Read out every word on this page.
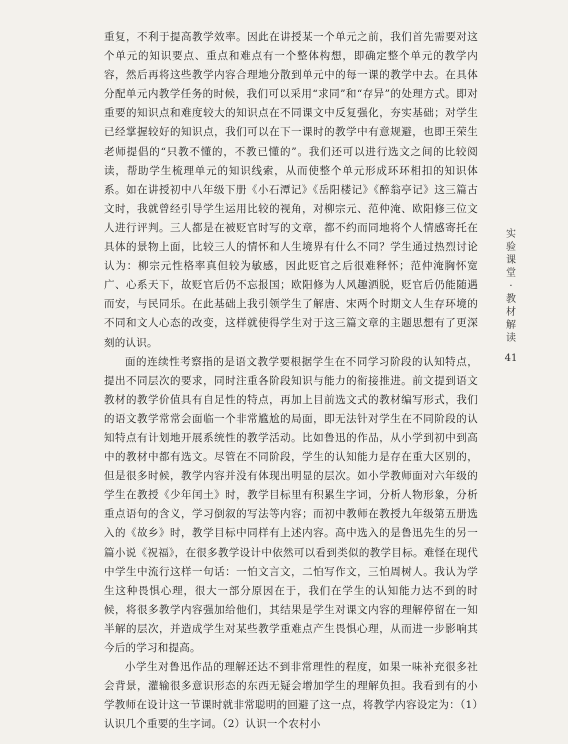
重复，不利于提高教学效率。因此在讲授某一个单元之前，我们首先需要对这个单元的知识要点、重点和难点有一个整体构想，即确定整个单元的教学内容，然后再将这些教学内容合理地分散到单元中的每一课的教学中去。在具体分配单元内教学任务的时候，我们可以采用“求同”和“存异”的处理方式。即对重要的知识点和难度较大的知识点在不同课文中反复强化，夯实基础；对学生已经掌握较好的知识点，我们可以在下一课时的教学中有意规避，也即王荣生老师提倡的“只教不懂的，不教已懂的”。我们还可以进行选文之间的比较阅读，帮助学生梳理单元的知识线索，从而使整个单元形成环环相扣的知识体系。如在讲授初中八年级下册《小石潭记》《岳阳楼记》《醉翁亭记》这三篇古文时，我就曾经引导学生运用比较的视角，对柳宗元、范仲淹、欧阳修三位文人进行评判。三人都是在被贬官时写的文章，都不约而同地将个人情感寄托在具体的景物上面，比较三人的情怀和人生境界有什么不同？学生通过热烈讨论认为：柳宗元性格率真但较为敏感，因此贬官之后很难释怀；范仲淹胸怀宽广、心系天下，故贬官后仍不忘报国；欧阳修为人风趣洒脱，贬官后仍能随遇而安，与民同乐。在此基础上我引领学生了解唐、宋两个时期文人生存环境的不同和文人心态的改变，这样就使得学生对于这三篇文章的主题思想有了更深刻的认识。

面的连续性考察指的是语文教学要根据学生在不同学习阶段的认知特点，提出不同层次的要求，同时注重各阶段知识与能力的衔接推进。前文提到语文教材的教学价值具有自足性的特点，再加上目前选文式的教材编写形式，我们的语文教学常常会面临一个非常尴尬的局面，即无法针对学生在不同阶段的认知特点有计划地开展系统性的教学活动。比如鲁迅的作品，从小学到初中到高中的教材中都有选文。尽管在不同阶段，学生的认知能力是存在重大区别的，但是很多时候，教学内容并没有体现出明显的层次。如小学教师面对六年级的学生在教授《少年闰土》时，教学目标里有积累生字词，分析人物形象，分析重点语句的含义，学习倒叙的写法等内容；而初中教师在教授九年级第五册选入的《故乡》时，教学目标中同样有上述内容。高中选入的是鲁迅先生的另一篇小说《祝福》，在很多教学设计中依然可以看到类似的教学目标。难怪在现代中学生中流行这样一句话：一怕文言文，二怕写作文，三怕周树人。我认为学生这种畏惧心理，很大一部分原因在于，我们在学生的认知能力达不到的时候，将很多教学内容强加给他们，其结果是学生对课文内容的理解停留在一知半解的层次，并造成学生对某些教学重难点产生畏惧心理，从而进一步影响其今后的学习和提高。

小学生对鲁迅作品的理解还达不到非常理性的程度，如果一味补充很多社会背景，灌输很多意识形态的东西无疑会增加学生的理解负担。我看到有的小学教师在设计这一节课时就非常聪明的回避了这一点，将教学内容设定为：（1）认识几个重要的生字词。（2）认识一个农村小

实
验
课
堂
·
教
材
解
读
41
